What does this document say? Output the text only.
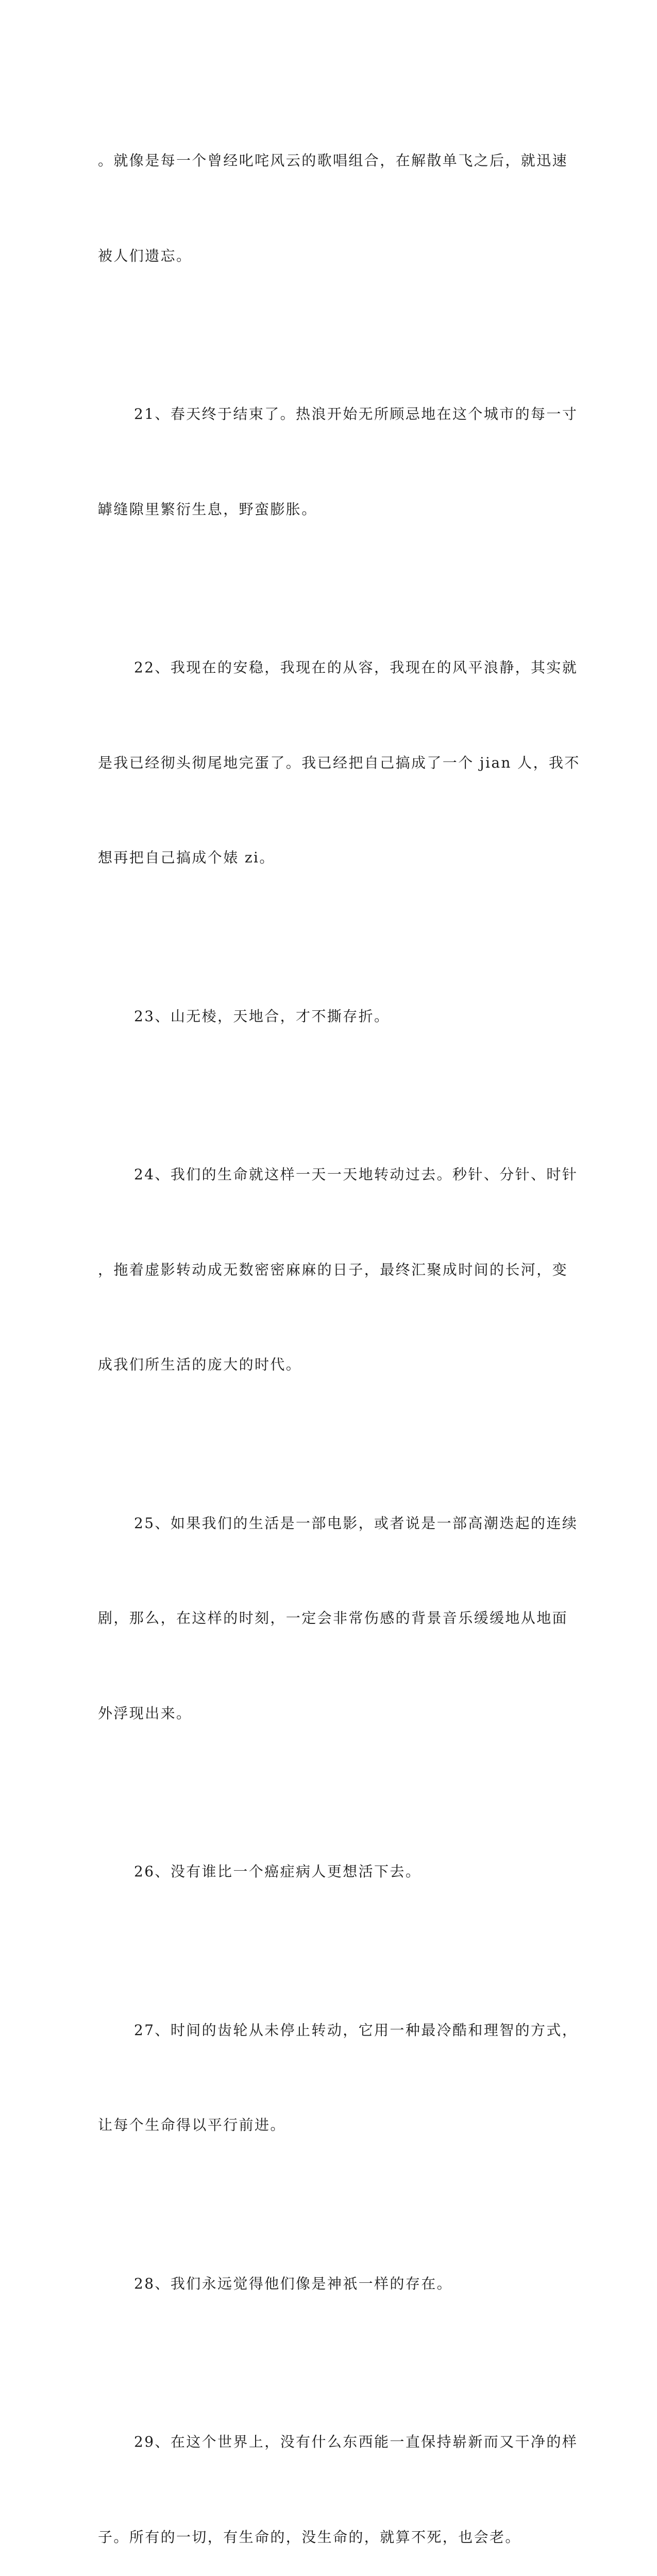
。就像是每一个曾经叱咤风云的歌唱组合，在解散单飞之后，就迅速

被人们遗忘。

21、春天终于结束了。热浪开始无所顾忌地在这个城市的每一寸

罅缝隙里繁衍生息，野蛮膨胀。

22、我现在的安稳，我现在的从容，我现在的风平浪静，其实就

是我已经彻头彻尾地完蛋了。我已经把自己搞成了一个 jian 人，我不

想再把自己搞成个婊 zi。

23、山无棱，天地合，才不撕存折。

24、我们的生命就这样一天一天地转动过去。秒针、分针、时针

，拖着虚影转动成无数密密麻麻的日子，最终汇聚成时间的长河，变

成我们所生活的庞大的时代。

25、如果我们的生活是一部电影，或者说是一部高潮迭起的连续

剧，那么，在这样的时刻，一定会非常伤感的背景音乐缓缓地从地面

外浮现出来。

26、没有谁比一个癌症病人更想活下去。

27、时间的齿轮从未停止转动，它用一种最冷酷和理智的方式，

让每个生命得以平行前进。

28、我们永远觉得他们像是神祇一样的存在。

29、在这个世界上，没有什么东西能一直保持崭新而又干净的样

子。所有的一切，有生命的，没生命的，就算不死，也会老。
